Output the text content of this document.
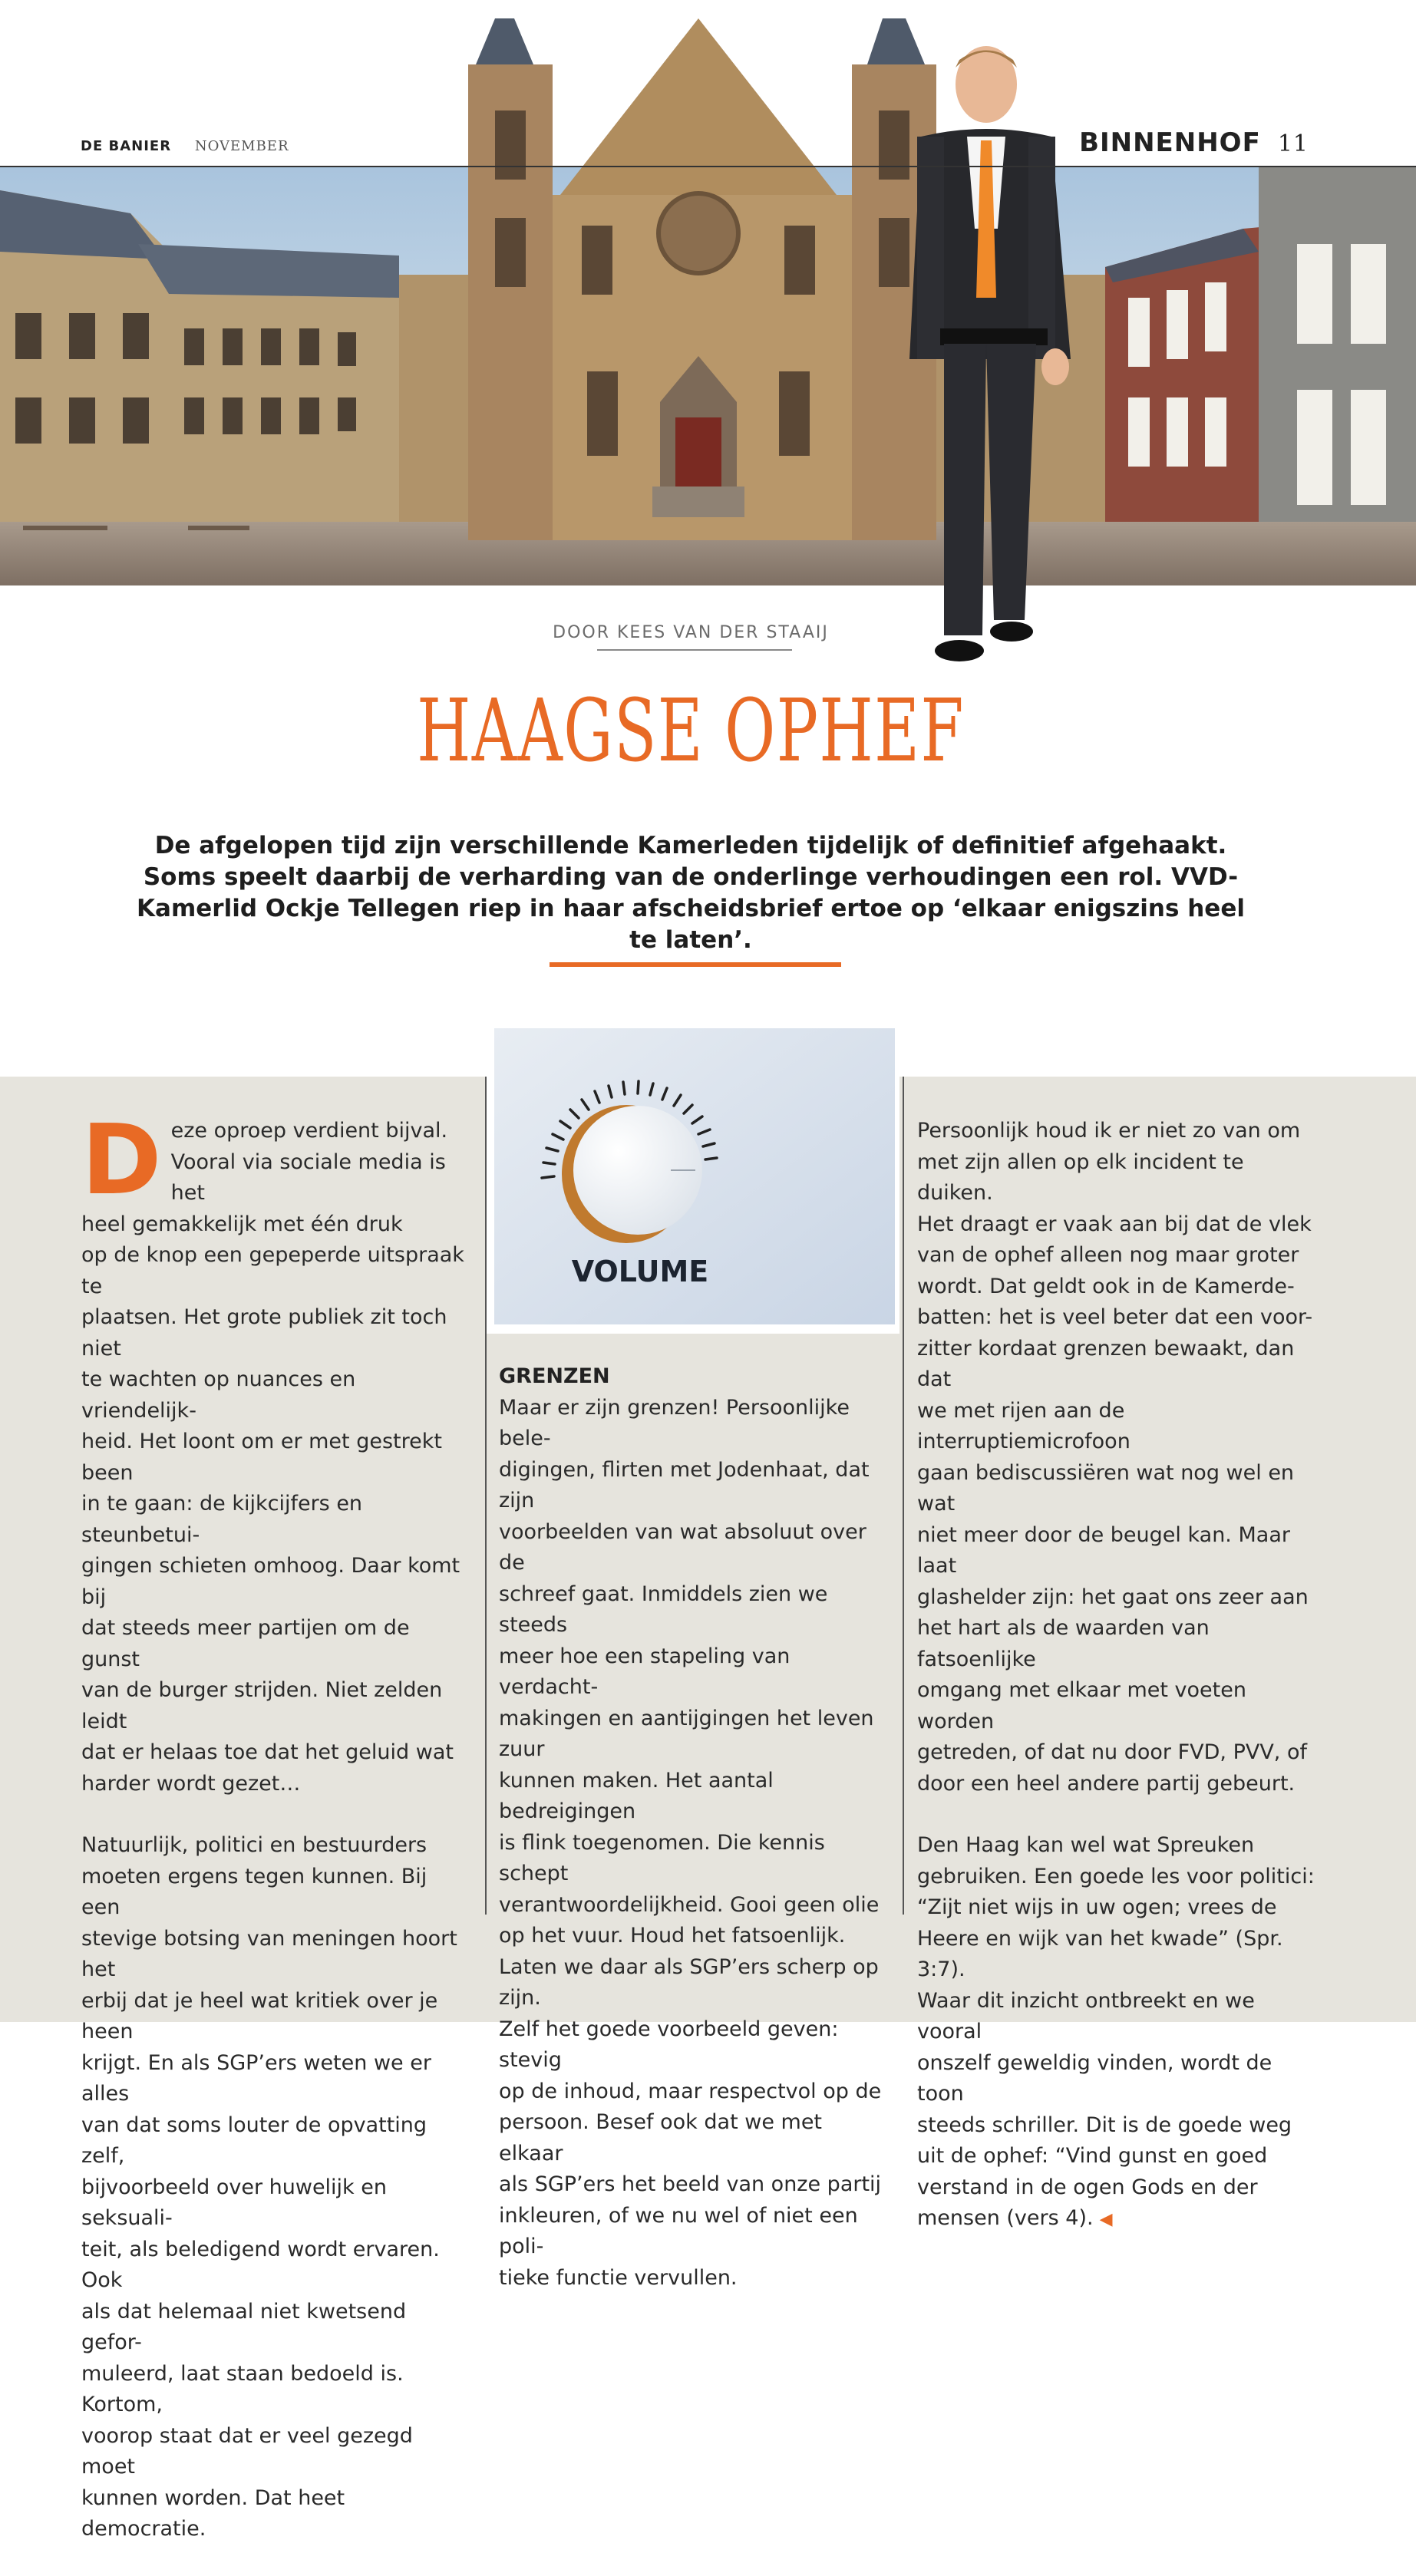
DE BANIER NOVEMBER	BINNENHOF 11
DOOR KEES VAN DER STAAIJ
HAAGSE OPHEF
De afgelopen tijd zijn verschillende Kamerleden tijdelijk of definitief afgehaakt. Soms speelt daarbij de verharding van de onderlinge verhoudingen een rol. VVD-Kamerlid Ockje Tellegen riep in haar afscheidsbrief ertoe op ‘elkaar enigszins heel te laten’.
VOLUME

Deze oproep verdient bijval.
Vooral via sociale media is het
heel gemakkelijk met één druk
op de knop een gepeperde uitspraak te
plaatsen. Het grote publiek zit toch niet
te wachten op nuances en vriendelijk-
heid. Het loont om er met gestrekt been
in te gaan: de kijkcijfers en steunbetui-
gingen schieten omhoog. Daar komt bij
dat steeds meer partijen om de gunst
van de burger strijden. Niet zelden leidt
dat er helaas toe dat het geluid wat
harder wordt gezet…

Natuurlijk, politici en bestuurders
moeten ergens tegen kunnen. Bij een
stevige botsing van meningen hoort het
erbij dat je heel wat kritiek over je heen
krijgt. En als SGP’ers weten we er alles
van dat soms louter de opvatting zelf,
bijvoorbeeld over huwelijk en seksuali-
teit, als beledigend wordt ervaren. Ook
als dat helemaal niet kwetsend gefor-
muleerd, laat staan bedoeld is. Kortom,
voorop staat dat er veel gezegd moet
kunnen worden. Dat heet democratie.

GRENZEN

Maar er zijn grenzen! Persoonlijke bele-
digingen, flirten met Jodenhaat, dat zijn
voorbeelden van wat absoluut over de
schreef gaat. Inmiddels zien we steeds
meer hoe een stapeling van verdacht-
makingen en aantijgingen het leven zuur
kunnen maken. Het aantal bedreigingen
is flink toegenomen. Die kennis schept
verantwoordelijkheid. Gooi geen olie
op het vuur. Houd het fatsoenlijk.
Laten we daar als SGP’ers scherp op zijn.
Zelf het goede voorbeeld geven: stevig
op de inhoud, maar respectvol op de
persoon. Besef ook dat we met elkaar
als SGP’ers het beeld van onze partij
inkleuren, of we nu wel of niet een poli-
tieke functie vervullen.

Persoonlijk houd ik er niet zo van om
met zijn allen op elk incident te duiken.
Het draagt er vaak aan bij dat de vlek
van de ophef alleen nog maar groter
wordt. Dat geldt ook in de Kamerde-
batten: het is veel beter dat een voor-
zitter kordaat grenzen bewaakt, dan dat
we met rijen aan de interruptiemicrofoon
gaan bediscussiëren wat nog wel en wat
niet meer door de beugel kan. Maar laat
glashelder zijn: het gaat ons zeer aan
het hart als de waarden van fatsoenlijke
omgang met elkaar met voeten worden
getreden, of dat nu door FVD, PVV, of
door een heel andere partij gebeurt.

Den Haag kan wel wat Spreuken
gebruiken. Een goede les voor politici:
“Zijt niet wijs in uw ogen; vrees de
Heere en wijk van het kwade” (Spr. 3:7).
Waar dit inzicht ontbreekt en we vooral
onszelf geweldig vinden, wordt de toon
steeds schriller. Dit is de goede weg
uit de ophef: “Vind gunst en goed
verstand in de ogen Gods en der
mensen (vers 4). ◀
